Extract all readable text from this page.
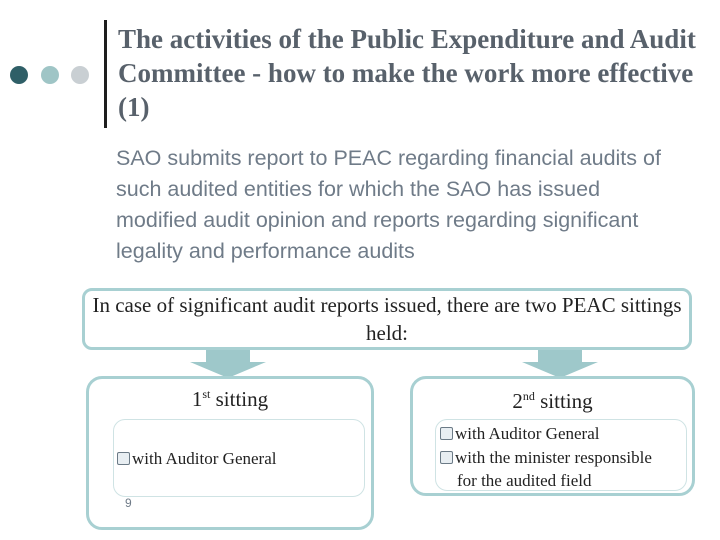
The activities of the Public Expenditure and Audit Committee - how to make the work more effective (1)
SAO submits report to PEAC regarding financial audits of such audited entities for which the SAO has issued modified audit opinion and reports regarding significant legality and performance audits
In case of significant audit reports issued, there are two PEAC sittings held:
1st sitting
with Auditor General
2nd sitting
with Auditor General
with the minister responsible
for the audited field
9
